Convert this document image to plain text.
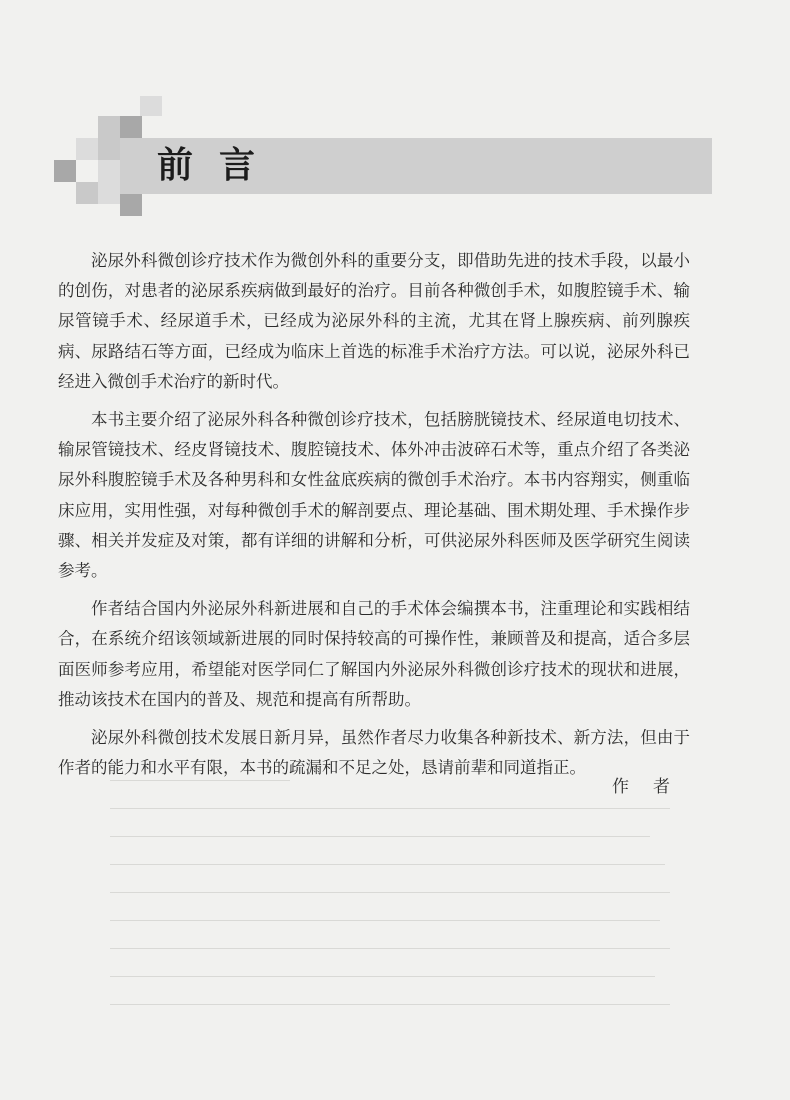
前言

泌尿外科微创诊疗技术作为微创外科的重要分支，即借助先进的技术手段，以最小的创伤，对患者的泌尿系疾病做到最好的治疗。目前各种微创手术，如腹腔镜手术、输尿管镜手术、经尿道手术，已经成为泌尿外科的主流，尤其在肾上腺疾病、前列腺疾病、尿路结石等方面，已经成为临床上首选的标准手术治疗方法。可以说，泌尿外科已经进入微创手术治疗的新时代。

本书主要介绍了泌尿外科各种微创诊疗技术，包括膀胱镜技术、经尿道电切技术、输尿管镜技术、经皮肾镜技术、腹腔镜技术、体外冲击波碎石术等，重点介绍了各类泌尿外科腹腔镜手术及各种男科和女性盆底疾病的微创手术治疗。本书内容翔实，侧重临床应用，实用性强，对每种微创手术的解剖要点、理论基础、围术期处理、手术操作步骤、相关并发症及对策，都有详细的讲解和分析，可供泌尿外科医师及医学研究生阅读参考。

作者结合国内外泌尿外科新进展和自己的手术体会编撰本书，注重理论和实践相结合，在系统介绍该领域新进展的同时保持较高的可操作性，兼顾普及和提高，适合多层面医师参考应用，希望能对医学同仁了解国内外泌尿外科微创诊疗技术的现状和进展，推动该技术在国内的普及、规范和提高有所帮助。

泌尿外科微创技术发展日新月异，虽然作者尽力收集各种新技术、新方法，但由于作者的能力和水平有限，本书的疏漏和不足之处，恳请前辈和同道指正。

作者
